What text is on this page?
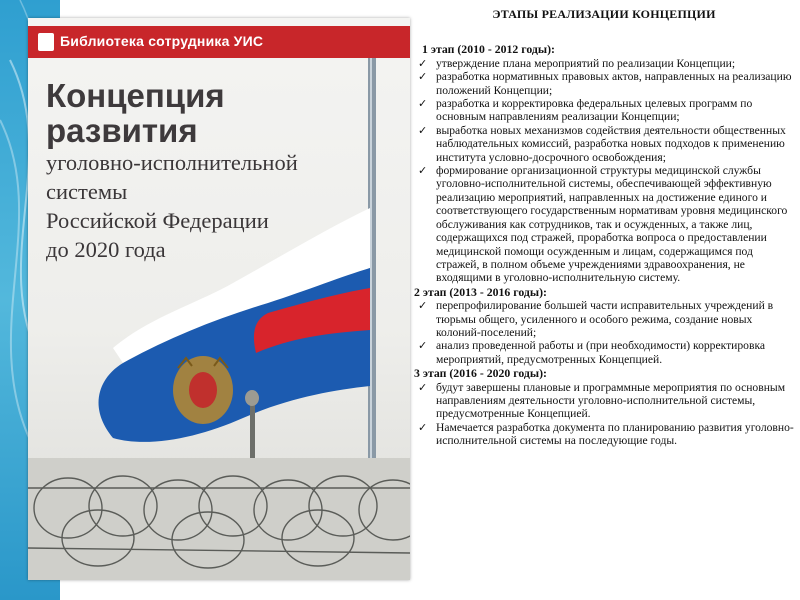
Библиотека сотрудника УИС
Концепция
развития
уголовно-исполнительной
системы
Российской Федерации
до 2020 года
ЭТАПЫ РЕАЛИЗАЦИИ КОНЦЕПЦИИ
1 этап (2010 - 2012 годы):
✓ утверждение плана мероприятий по реализации Концепции;
✓ разработка нормативных правовых актов, направленных на реализацию положений Концепции;
✓ разработка и корректировка федеральных целевых программ по основным направлениям реализации Концепции;
✓ выработка новых механизмов содействия деятельности общественных наблюдательных комиссий, разработка новых подходов к применению института условно-досрочного освобождения;
✓ формирование организационной структуры медицинской службы уголовно-исполнительной системы, обеспечивающей эффективную реализацию мероприятий, направленных на достижение единого и соответствующего государственным нормативам уровня медицинского обслуживания как сотрудников, так и осужденных, а также лиц, содержащихся под стражей, проработка вопроса о предоставлении медицинской помощи осужденным и лицам, содержащимся под стражей, в полном объеме учреждениями здравоохранения, не входящими в уголовно-исполнительную систему.
2 этап (2013 - 2016 годы):
✓ перепрофилирование большей части исправительных учреждений в тюрьмы общего, усиленного и особого режима, создание новых колоний-поселений;
✓ анализ проведенной работы и (при необходимости) корректировка мероприятий, предусмотренных Концепцией.
3 этап (2016 - 2020 годы):
✓ будут завершены плановые и программные мероприятия по основным направлениям деятельности уголовно-исполнительной системы, предусмотренные Концепцией.
✓ Намечается разработка документа по планированию развития уголовно-исполнительной системы на последующие годы.
